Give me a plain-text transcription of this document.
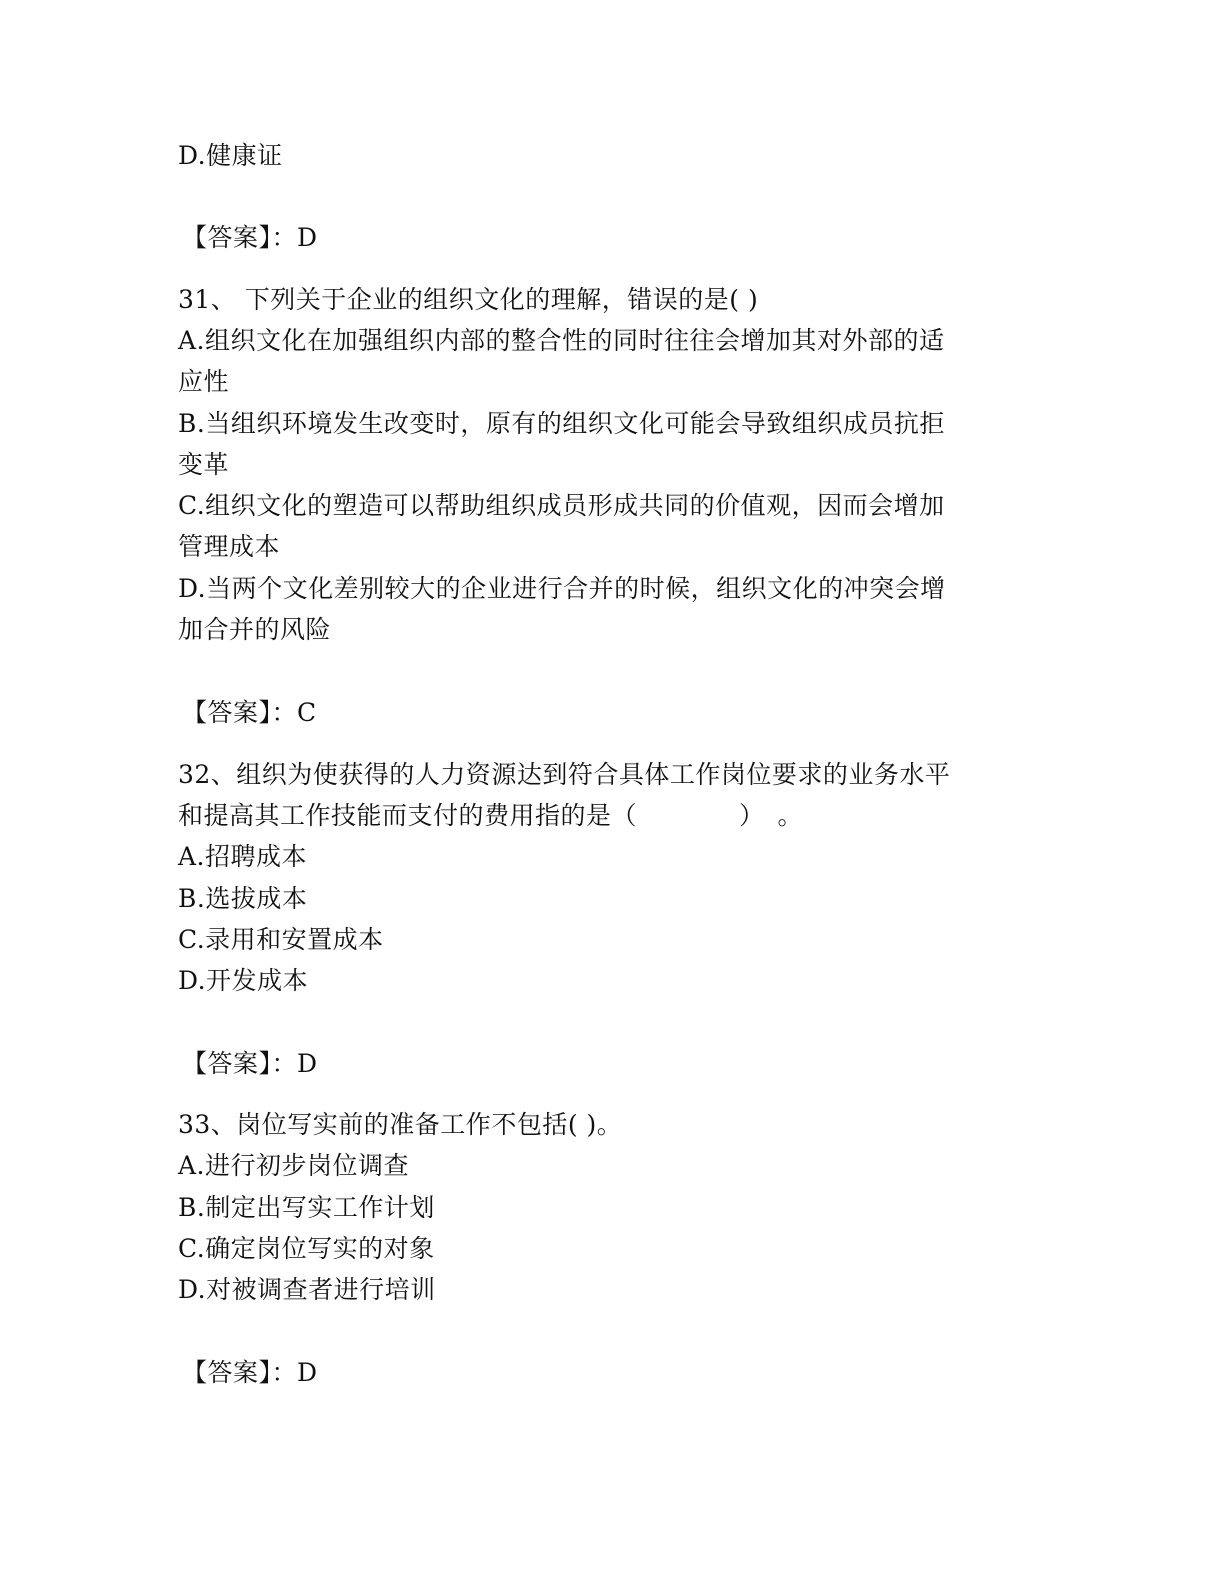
D.健康证
【答案】：D
31、 下列关于企业的组织文化的理解，错误的是( )
A.组织文化在加强组织内部的整合性的同时往往会增加其对外部的适
应性
B.当组织环境发生改变时，原有的组织文化可能会导致组织成员抗拒
变革
C.组织文化的塑造可以帮助组织成员形成共同的价值观，因而会增加
管理成本
D.当两个文化差别较大的企业进行合并的时候，组织文化的冲突会增
加合并的风险
【答案】：C
32、组织为使获得的人力资源达到符合具体工作岗位要求的业务水平
和提高其工作技能而支付的费用指的是（　　　　）　。
A.招聘成本
B.选拔成本
C.录用和安置成本
D.开发成本
【答案】：D
33、岗位写实前的准备工作不包括( )。
A.进行初步岗位调查
B.制定出写实工作计划
C.确定岗位写实的对象
D.对被调查者进行培训
【答案】：D
